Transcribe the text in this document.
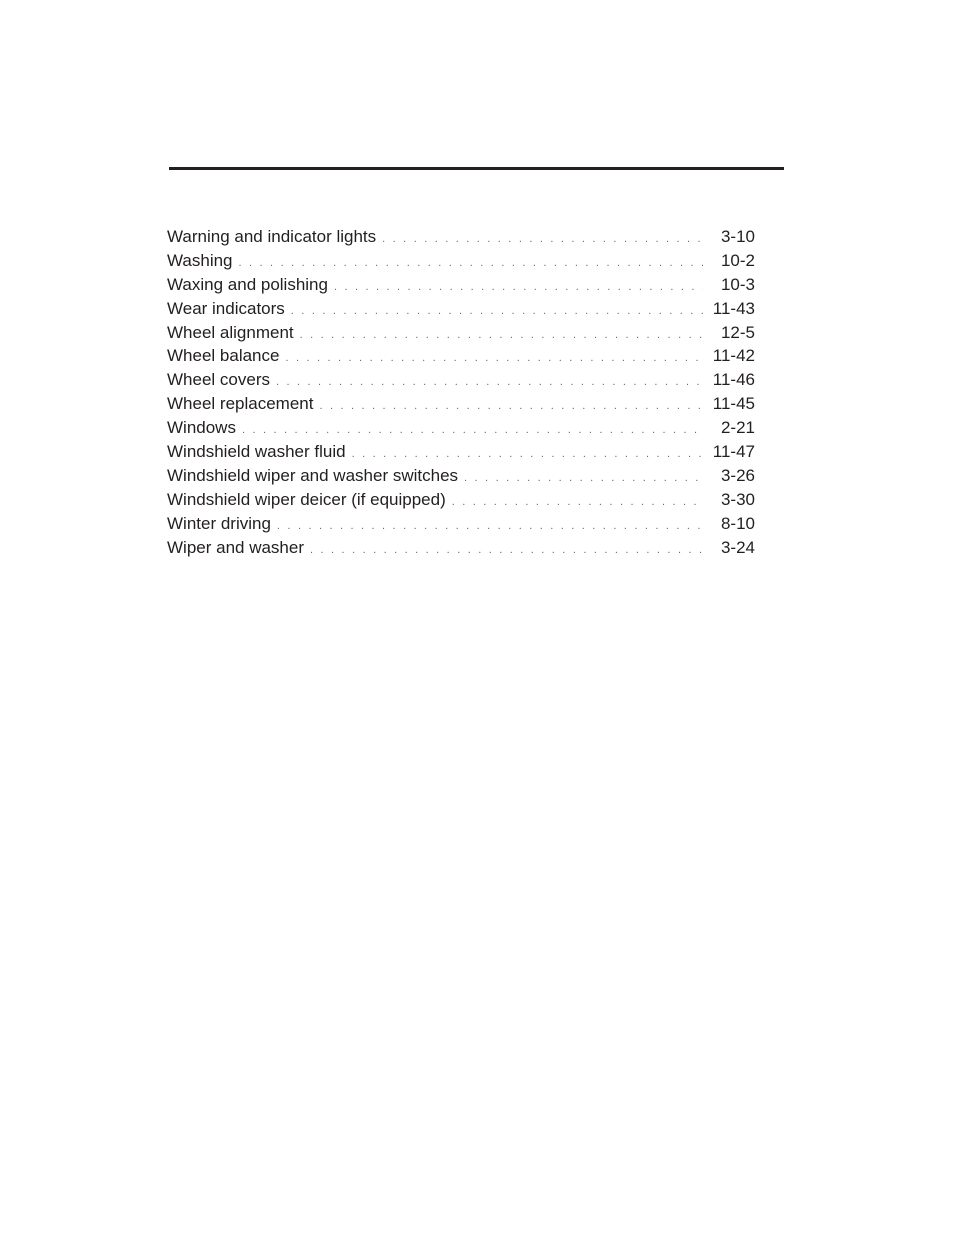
Warning and indicator lights . . .	3-10
Washing . . .	10-2
Waxing and polishing . . .	10-3
Wear indicators . . .	11-43
Wheel alignment . . .	12-5
Wheel balance . . .	11-42
Wheel covers . . .	11-46
Wheel replacement . . .	11-45
Windows . . .	2-21
Windshield washer fluid . . .	11-47
Windshield wiper and washer switches . . .	3-26
Windshield wiper deicer (if equipped) . . .	3-30
Winter driving . . .	8-10
Wiper and washer . . .	3-24
